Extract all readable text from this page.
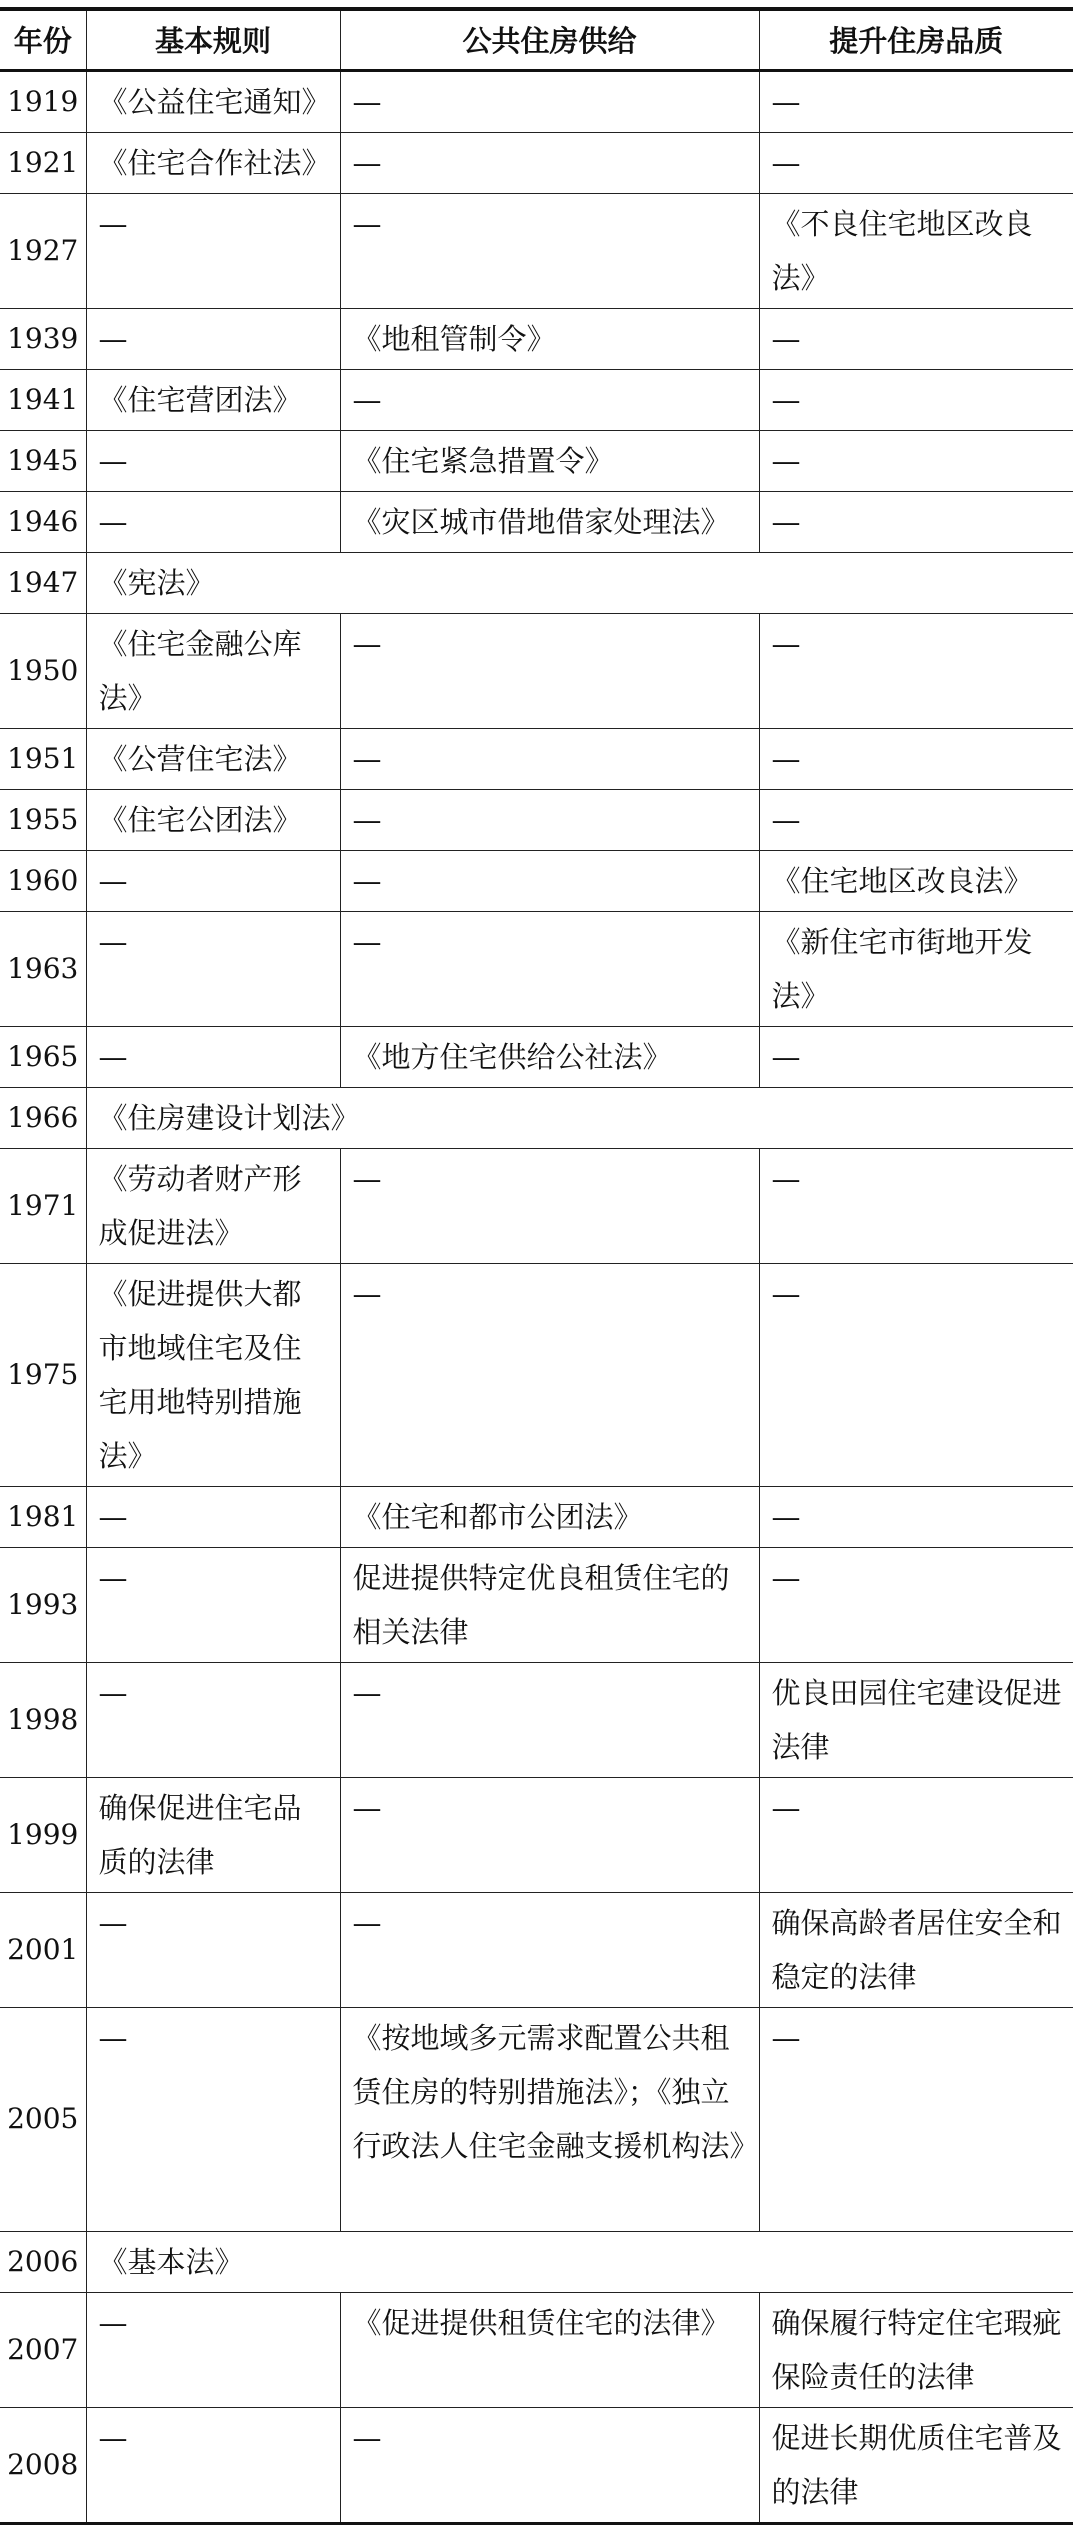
年份	基本规则	公共住房供给	提升住房品质
1919	《公益住宅通知》	—	—
1921	《住宅合作社法》	—	—
1927	—	—	《不良住宅地区改良法》
1939	—	《地租管制令》	—
1941	《住宅营团法》	—	—
1945	—	《住宅紧急措置令》	—
1946	—	《灾区城市借地借家处理法》	—
1947	《宪法》		
1950	《住宅金融公库法》	—	—
1951	《公营住宅法》	—	—
1955	《住宅公团法》	—	—
1960	—	—	《住宅地区改良法》
1963	—	—	《新住宅市街地开发法》
1965	—	《地方住宅供给公社法》	—
1966	《住房建设计划法》		
1971	《劳动者财产形成促进法》	—	—
1975	《促进提供大都市地域住宅及住宅用地特别措施法》	—	—
1981	—	《住宅和都市公团法》	—
1993	—	促进提供特定优良租赁住宅的相关法律	—
1998	—	—	优良田园住宅建设促进法律
1999	确保促进住宅品质的法律	—	—
2001	—	—	确保高龄者居住安全和稳定的法律
2005	—	《按地域多元需求配置公共租赁住房的特别措施法》；《独立行政法人住宅金融支援机构法》	—
2006	《基本法》		
2007	—	《促进提供租赁住宅的法律》	确保履行特定住宅瑕疵保险责任的法律
2008	—	—	促进长期优质住宅普及的法律
